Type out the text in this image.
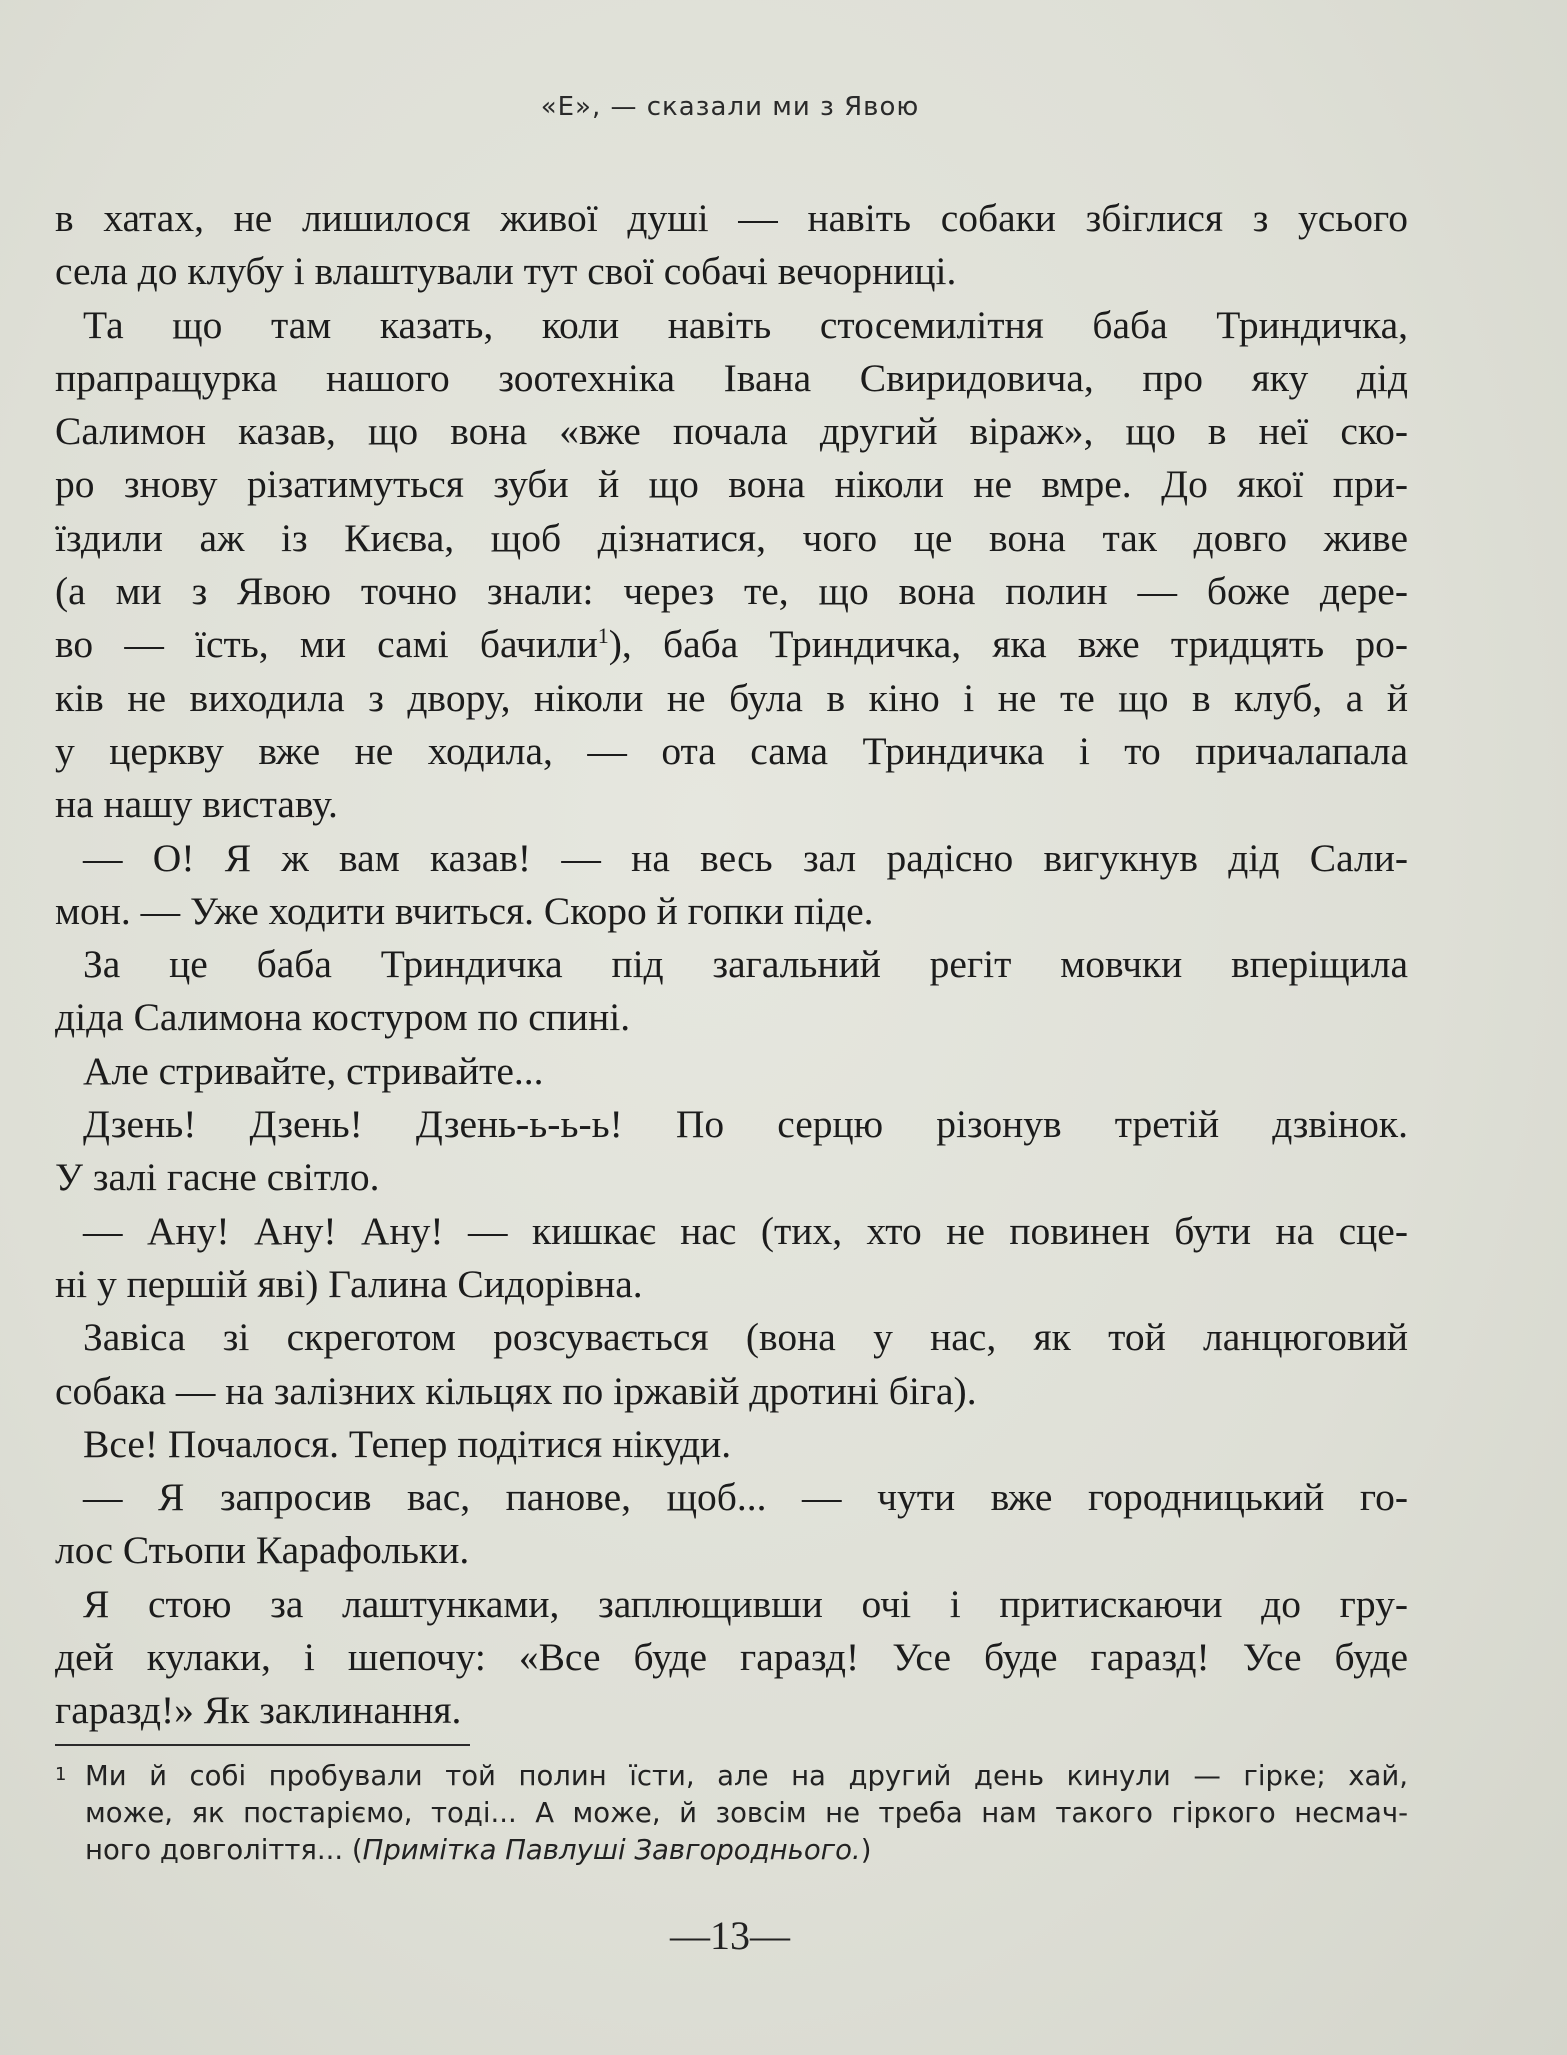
«Е», — сказали ми з Явою
в хатах, не лишилося живої душі — навіть собаки збіглися з усього
села до клубу і влаштували тут свої собачі вечорниці.
Та що там казать, коли навіть стосемилітня баба Триндичка,
прапращурка нашого зоотехніка Івана Свиридовича, про яку дід
Салимон казав, що вона «вже почала другий віраж», що в неї ско-
ро знову різатимуться зуби й що вона ніколи не вмре. До якої при-
їздили аж із Києва, щоб дізнатися, чого це вона так довго живе
(а ми з Явою точно знали: через те, що вона полин — боже дере-
во — їсть, ми самі бачили$^1$), баба Триндичка, яка вже тридцять ро-
ків не виходила з двору, ніколи не була в кіно і не те що в клуб, а й
у церкву вже не ходила, — ота сама Триндичка і то причалапала
на нашу виставу.
— О! Я ж вам казав! — на весь зал радісно вигукнув дід Сали-
мон. — Уже ходити вчиться. Скоро й гопки піде.
За це баба Триндичка під загальний регіт мовчки вперіщила
діда Салимона костуром по спині.
Але стривайте, стривайте...
Дзень! Дзень! Дзень-ь-ь-ь! По серцю різонув третій дзвінок.
У залі гасне світло.
— Ану! Ану! Ану! — кишкає нас (тих, хто не повинен бути на сце-
ні у першій яві) Галина Сидорівна.
Завіса зі скреготом розсувається (вона у нас, як той ланцюговий
собака — на залізних кільцях по іржавій дротині біга).
Все! Почалося. Тепер подітися нікуди.
— Я запросив вас, панове, щоб... — чути вже городницький го-
лос Стьопи Карафольки.
Я стою за лаштунками, заплющивши очі і притискаючи до гру-
дей кулаки, і шепочу: «Все буде гаразд! Усе буде гаразд! Усе буде
гаразд!» Як заклинання.
1 Ми й собі пробували той полин їсти, але на другий день кинули — гірке; хай,
може, як постаріємо, тоді... А може, й зовсім не треба нам такого гіркого несмач-
ного довголіття... (Примітка Павлуші Завгороднього.)
—13—
